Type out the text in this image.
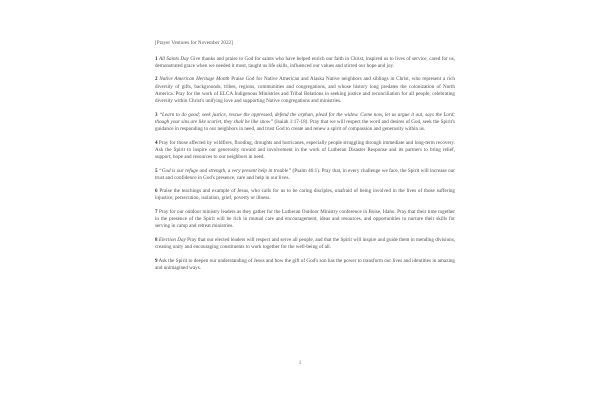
[Prayer Ventures for November 2022]

1 All Saints Day Give thanks and praise to God for saints who have helped enrich our faith in Christ, inspired us to lives of service, cared for us, demonstrated grace when we needed it most, taught us life skills, influenced our values and stirred our hope and joy.

2 Native American Heritage Month Praise God for Native American and Alaska Native neighbors and siblings in Christ, who represent a rich diversity of gifts, backgrounds, tribes, regions, communities and congregations, and whose history long predates the colonization of North America. Pray for the work of ELCA Indigenous Ministries and Tribal Relations in seeking justice and reconciliation for all people, celebrating diversity within Christ's unifying love and supporting Native congregations and ministries.

3 “Learn to do good; seek justice, rescue the oppressed, defend the orphan, plead for the widow. Come now, let us argue it out, says the Lord; though your sins are like scarlet, they shall be like snow” (Isaiah 1:17-18). Pray that we will respect the word and desires of God, seek the Spirit's guidance in responding to our neighbors in need, and trust God to create and renew a spirit of compassion and generosity within us.

4 Pray for those affected by wildfires, flooding, droughts and hurricanes, especially people struggling through immediate and long-term recovery. Ask the Spirit to inspire our generosity toward and involvement in the work of Lutheran Disaster Response and its partners to bring relief, support, hope and resources to our neighbors in need.

5 “God is our refuge and strength, a very present help in trouble” (Psalm 46:1). Pray that, in every challenge we face, the Spirit will increase our trust and confidence in God's presence, care and help in our lives.

6 Praise the teachings and example of Jesus, who calls for us to be caring disciples, unafraid of being involved in the lives of those suffering injustice, persecution, isolation, grief, poverty or illness.

7 Pray for our outdoor ministry leaders as they gather for the Lutheran Outdoor Ministry conference in Boise, Idaho. Pray that their time together in the presence of the Spirit will be rich in mutual care and encouragement, ideas and resources, and opportunities to nurture their skills for serving in camp and retreat ministries.

8 Election Day Pray that our elected leaders will respect and serve all people, and that the Spirit will inspire and guide them in mending divisions, creating unity and encouraging constituents to work together for the well-being of all.

9 Ask the Spirit to deepen our understanding of Jesus and how the gift of God's son has the power to transform our lives and identities in amazing and unimagined ways.

1
